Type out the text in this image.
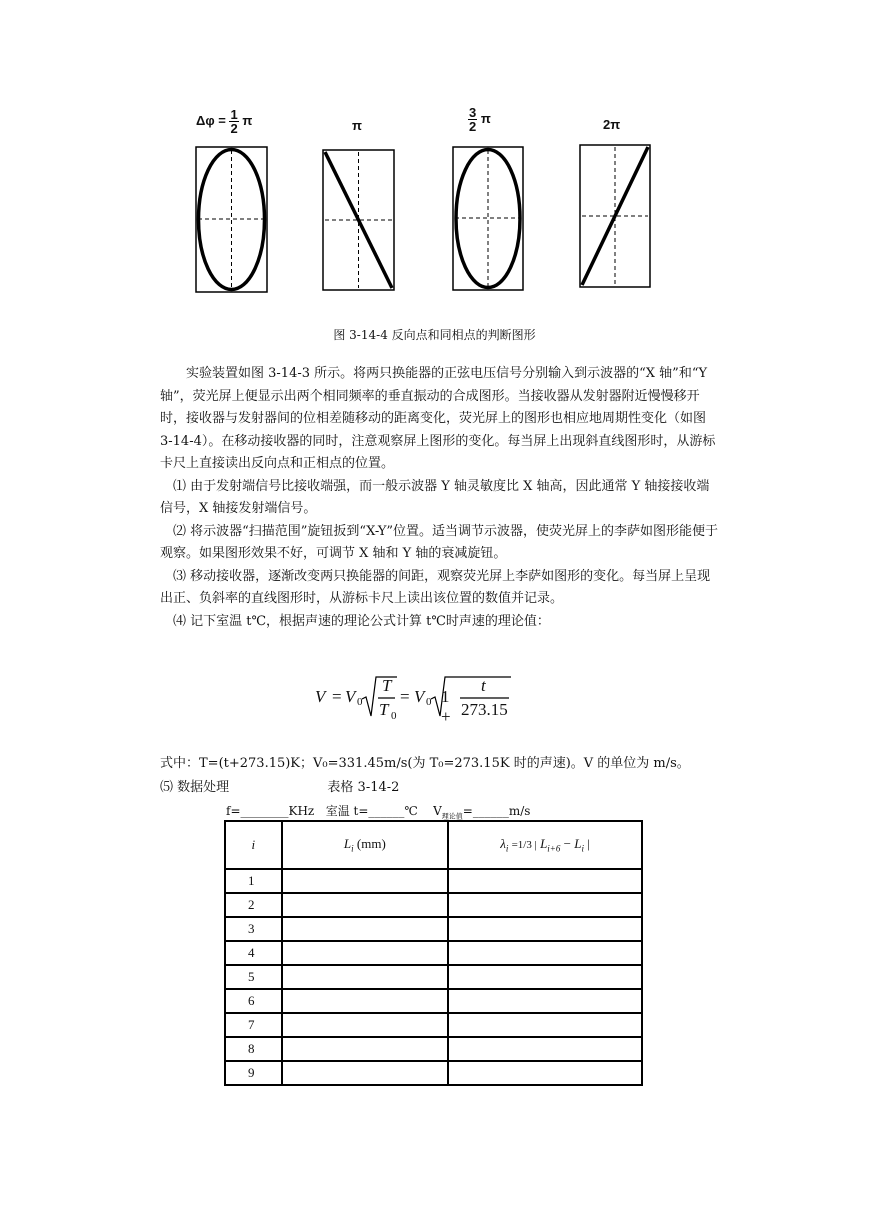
$\Delta\varphi = \frac{1}{2}$ π	π	$\frac{3}{2}$ π	2π
图 3-14-4 反向点和同相点的判断图形

实验装置如图 3-14-3 所示。将两只换能器的正弦电压信号分别输入到示波器的“X 轴”和“Y 轴”，荧光屏上便显示出两个相同频率的垂直振动的合成图形。当接收器从发射器附近慢慢移开时，接收器与发射器间的位相差随移动的距离变化，荧光屏上的图形也相应地周期性变化（如图 3-14-4）。在移动接收器的同时，注意观察屏上图形的变化。每当屏上出现斜直线图形时，从游标卡尺上直接读出反向点和正相点的位置。

⑴ 由于发射端信号比接收端强，而一般示波器 Y 轴灵敏度比 X 轴高，因此通常 Y 轴接接收端信号，X 轴接发射端信号。

⑵ 将示波器“扫描范围”旋钮扳到“X-Y”位置。适当调节示波器，使荧光屏上的李萨如图形能便于观察。如果图形效果不好，可调节 X 轴和 Y 轴的衰减旋钮。

⑶ 移动接收器，逐渐改变两只换能器的间距，观察荧光屏上李萨如图形的变化。每当屏上呈现出正、负斜率的直线图形时，从游标卡尺上读出该位置的数值并记录。

⑷ 记下室温 t℃，根据声速的理论公式计算 t℃时声速的理论值：

V = V 0
T
T 0
= V 0 1 +
t
273.15
式中：T=(t+273.15)K；V₀=331.45m/s(为 T₀=273.15K 时的声速)。V 的单位为 m/s。
⑸ 数据处理	表格 3-14-2
f=________KHz 室温 t=______℃ $V_{理论值}=\_\_\_\_\_\_m/s$
i	$L_i$ (mm)	$\lambda_i =1/3$ | $L_{i+6} - L_i$ |
1		
2		
3		
4		
5		
6		
7		
8		
9		
